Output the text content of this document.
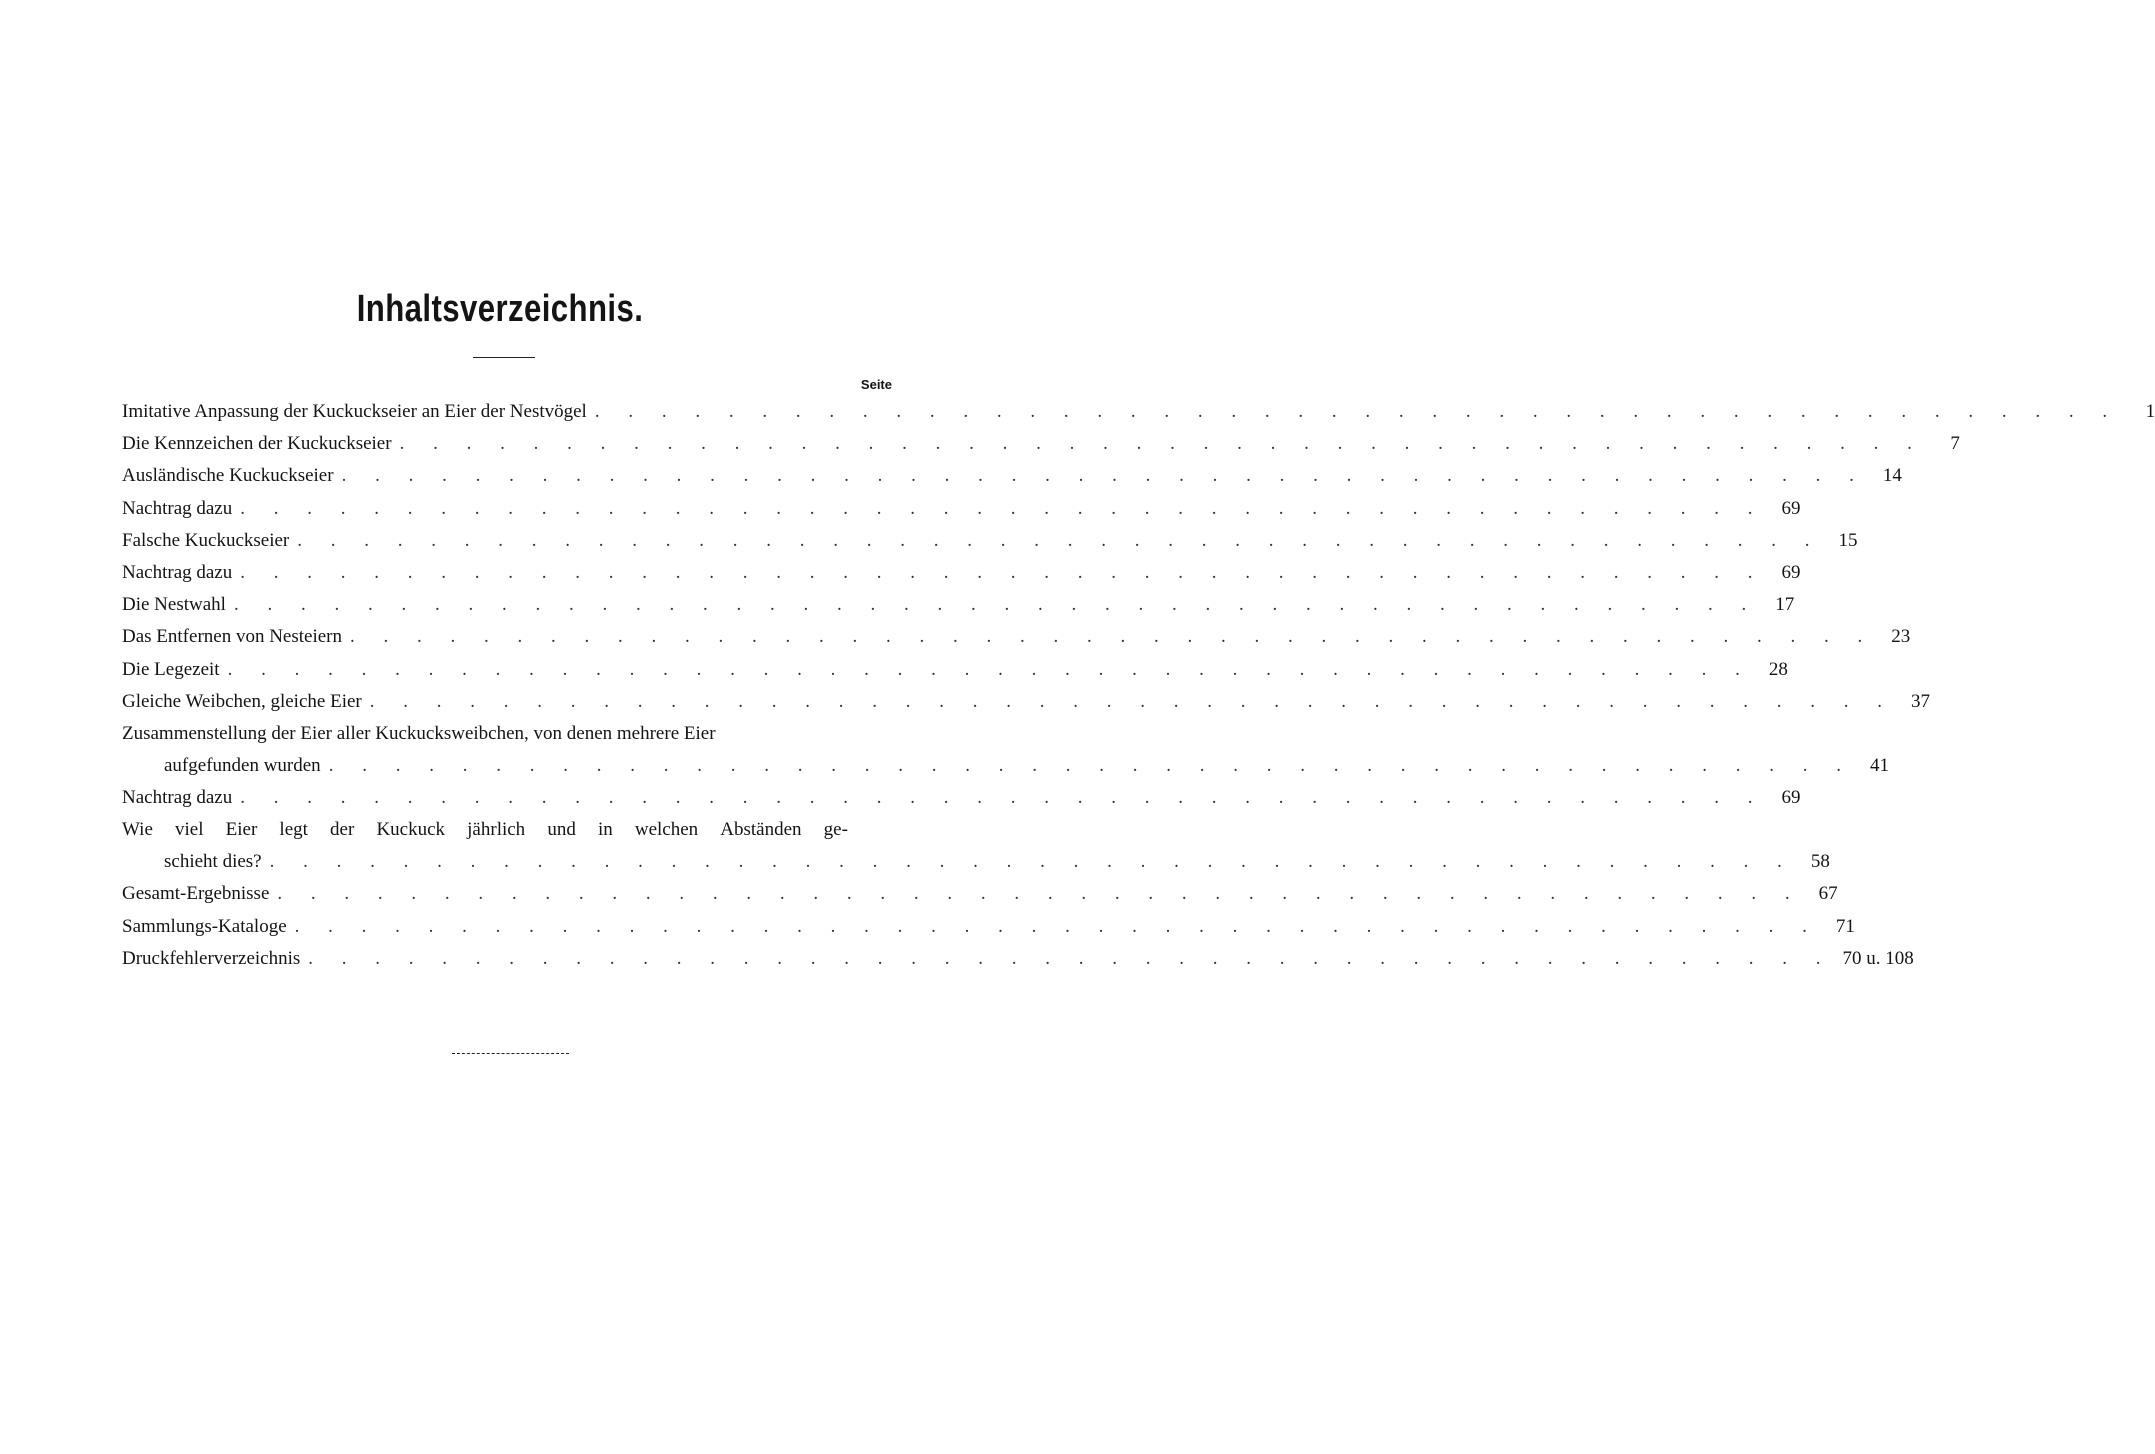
Inhaltsverzeichnis.
Seite
Imitative Anpassung der Kuckuckseier an Eier der Nestvögel . . . . . . . . . . . . . . . . . . . . . . . . . . . . . . . . . . . . . . . . . . . . . .	1
Die Kennzeichen der Kuckuckseier . . . . . . . . . . . . . . . . . . . . . . . . . . . . . . . . . . . . . . . . . . . . . .	7
Ausländische Kuckuckseier . . . . . . . . . . . . . . . . . . . . . . . . . . . . . . . . . . . . . . . . . . . . . . 14
Nachtrag dazu . . . . . . . . . . . . . . . . . . . . . . . . . . . . . . . . . . . . . . . . . . . . . . 69
Falsche Kuckuckseier . . . . . . . . . . . . . . . . . . . . . . . . . . . . . . . . . . . . . . . . . . . . . . 15
Nachtrag dazu . . . . . . . . . . . . . . . . . . . . . . . . . . . . . . . . . . . . . . . . . . . . . . 69
Die Nestwahl . . . . . . . . . . . . . . . . . . . . . . . . . . . . . . . . . . . . . . . . . . . . . . 17
Das Entfernen von Nesteiern . . . . . . . . . . . . . . . . . . . . . . . . . . . . . . . . . . . . . . . . . . . . . . 23
Die Legezeit . . . . . . . . . . . . . . . . . . . . . . . . . . . . . . . . . . . . . . . . . . . . . . 28
Gleiche Weibchen, gleiche Eier . . . . . . . . . . . . . . . . . . . . . . . . . . . . . . . . . . . . . . . . . . . . . . 37
Zusammenstellung der Eier aller Kuckucksweibchen, von denen mehrere Eier
aufgefunden wurden . . . . . . . . . . . . . . . . . . . . . . . . . . . . . . . . . . . . . . . . . . . . . . 41
Nachtrag dazu . . . . . . . . . . . . . . . . . . . . . . . . . . . . . . . . . . . . . . . . . . . . . . 69
Wie viel Eier legt der Kuckuck jährlich und in welchen Abständen ge-
schieht dies? . . . . . . . . . . . . . . . . . . . . . . . . . . . . . . . . . . . . . . . . . . . . . . 58
Gesamt-Ergebnisse . . . . . . . . . . . . . . . . . . . . . . . . . . . . . . . . . . . . . . . . . . . . . . 67
Sammlungs-Kataloge . . . . . . . . . . . . . . . . . . . . . . . . . . . . . . . . . . . . . . . . . . . . . . 71
Druckfehlerverzeichnis . . . . . . . . . . . . . . . . . . . . . . . . . . . . . . . . . . . . . . . . . . . . . . 70 u. 108
